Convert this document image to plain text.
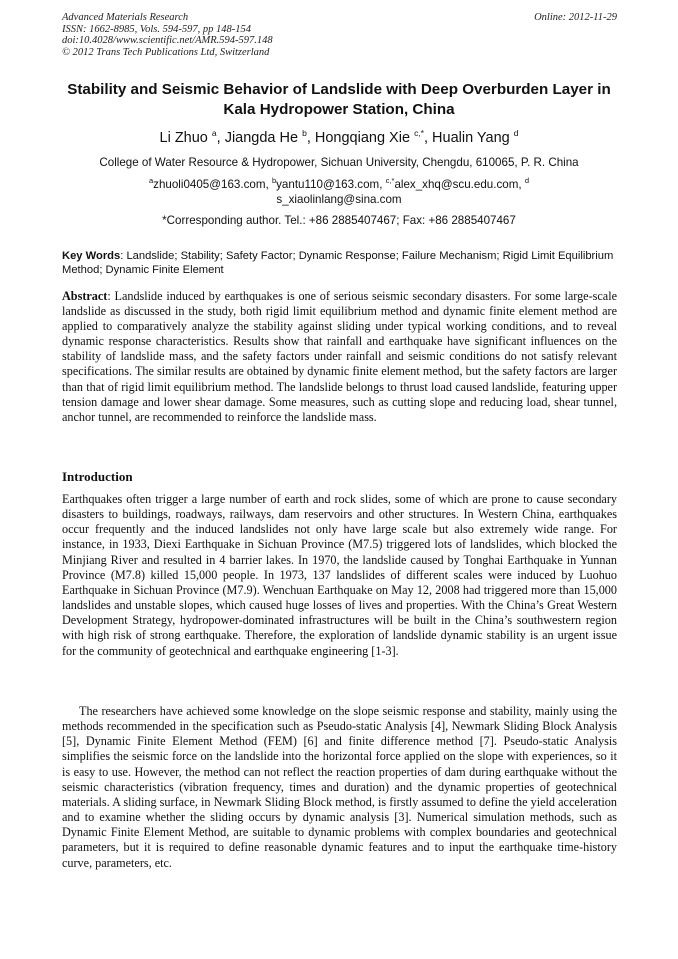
Advanced Materials Research
ISSN: 1662-8985, Vols. 594-597, pp 148-154
doi:10.4028/www.scientific.net/AMR.594-597.148
© 2012 Trans Tech Publications Ltd, Switzerland
Online: 2012-11-29
Stability and Seismic Behavior of Landslide with Deep Overburden Layer in Kala Hydropower Station, China
Li Zhuo $^a$, Jiangda He $^b$, Hongqiang Xie $^{c,*}$, Hualin Yang $^d$
College of Water Resource & Hydropower, Sichuan University, Chengdu, 610065, P. R. China
$^a$zhuoli0405@163.com, $^b$yantu110@163.com, $^{c,*}$alex_xhq@scu.edu.com, $^d$
s_xiaolinlang@sina.com
*Corresponding author. Tel.: +86 2885407467; Fax: +86 2885407467
Key Words: Landslide; Stability; Safety Factor; Dynamic Response; Failure Mechanism; Rigid Limit Equilibrium Method; Dynamic Finite Element
Abstract: Landslide induced by earthquakes is one of serious seismic secondary disasters. For some large-scale landslide as discussed in the study, both rigid limit equilibrium method and dynamic finite element method are applied to comparatively analyze the stability against sliding under typical working conditions, and to reveal dynamic response characteristics. Results show that rainfall and earthquake have significant influences on the stability of landslide mass, and the safety factors under rainfall and seismic conditions do not satisfy relevant specifications. The similar results are obtained by dynamic finite element method, but the safety factors are larger than that of rigid limit equilibrium method. The landslide belongs to thrust load caused landslide, featuring upper tension damage and lower shear damage. Some measures, such as cutting slope and reducing load, shear tunnel, anchor tunnel, are recommended to reinforce the landslide mass.
Introduction
Earthquakes often trigger a large number of earth and rock slides, some of which are prone to cause secondary disasters to buildings, roadways, railways, dam reservoirs and other structures. In Western China, earthquakes occur frequently and the induced landslides not only have large scale but also extremely wide range. For instance, in 1933, Diexi Earthquake in Sichuan Province (M7.5) triggered lots of landslides, which blocked the Minjiang River and resulted in 4 barrier lakes. In 1970, the landslide caused by Tonghai Earthquake in Yunnan Province (M7.8) killed 15,000 people. In 1973, 137 landslides of different scales were induced by Luohuo Earthquake in Sichuan Province (M7.9). Wenchuan Earthquake on May 12, 2008 had triggered more than 15,000 landslides and unstable slopes, which caused huge losses of lives and properties. With the China’s Great Western Development Strategy, hydropower-dominated infrastructures will be built in the China’s southwestern region with high risk of strong earthquake. Therefore, the exploration of landslide dynamic stability is an urgent issue for the community of geotechnical and earthquake engineering [1-3].
The researchers have achieved some knowledge on the slope seismic response and stability, mainly using the methods recommended in the specification such as Pseudo-static Analysis [4], Newmark Sliding Block Analysis [5], Dynamic Finite Element Method (FEM) [6] and finite difference method [7]. Pseudo-static Analysis simplifies the seismic force on the landslide into the horizontal force applied on the slope with experiences, so it is easy to use. However, the method can not reflect the reaction properties of dam during earthquake without the seismic characteristics (vibration frequency, times and duration) and the dynamic properties of geotechnical materials. A sliding surface, in Newmark Sliding Block method, is firstly assumed to define the yield acceleration and to examine whether the sliding occurs by dynamic analysis [3]. Numerical simulation methods, such as Dynamic Finite Element Method, are suitable to dynamic problems with complex boundaries and geotechnical parameters, but it is required to define reasonable dynamic features and to input the earthquake time-history curve, parameters, etc.
